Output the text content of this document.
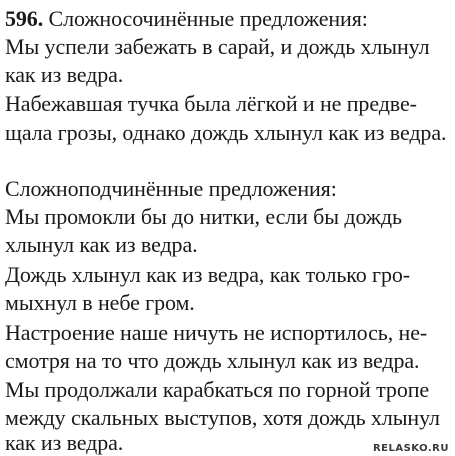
596. Сложносочинённые предложения:
Мы успели забежать в сарай, и дождь хлынул
как из ведра.
Набежавшая тучка была лёгкой и не предве-
щала грозы, однако дождь хлынул как из ведра.
Сложноподчинённые предложения:
Мы промокли бы до нитки, если бы дождь
хлынул как из ведра.
Дождь хлынул как из ведра, как только гро-
мыхнул в небе гром.
Настроение наше ничуть не испортилось, не-
смотря на то что дождь хлынул как из ведра.
Мы продолжали карабкаться по горной тропе
между скальных выступов, хотя дождь хлынул
как из ведра.	RELASKO.RU
